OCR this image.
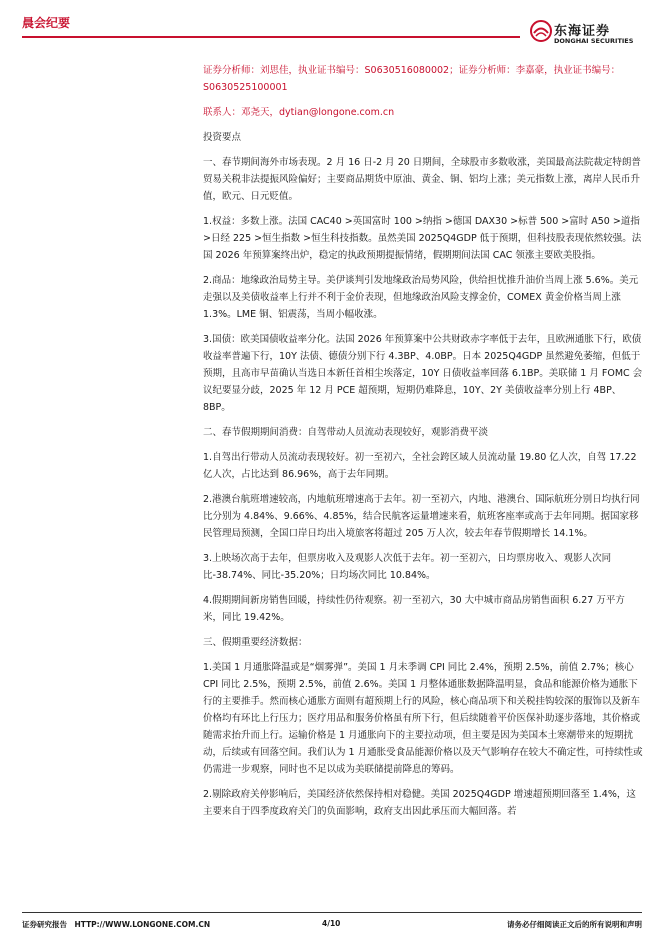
晨会纪要
东海证券
DONGHAI SECURITIES

证券分析师：刘思佳，执业证书编号：S0630516080002；证券分析师：李嘉豪，执业证书编号：S0630525100001

联系人：邓尧天，dytian@longone.com.cn

投资要点

一、春节期间海外市场表现。2 月 16 日-2 月 20 日期间，全球股市多数收涨，美国最高法院裁定特朗普贸易关税非法提振风险偏好；主要商品期货中原油、黄金、铜、铝均上涨；美元指数上涨，离岸人民币升值，欧元、日元贬值。

1.权益：多数上涨。法国 CAC40 >英国富时 100 >纳指 >德国 DAX30 >标普 500 >富时 A50 >道指 >日经 225 >恒生指数 >恒生科技指数。虽然美国 2025Q4GDP 低于预期，但科技股表现依然较强。法国 2026 年预算案终出炉，稳定的执政预期提振情绪，假期期间法国 CAC 领涨主要欧美股指。

2.商品：地缘政治局势主导。美伊谈判引发地缘政治局势风险，供给担忧推升油价当周上涨 5.6%。美元走强以及美债收益率上行并不利于金价表现，但地缘政治风险支撑金价，COMEX 黄金价格当周上涨 1.3%。LME 铜、铝震荡，当周小幅收涨。

3.国债：欧美国债收益率分化。法国 2026 年预算案中公共财政赤字率低于去年，且欧洲通胀下行，欧债收益率普遍下行，10Y 法债、德债分别下行 4.3BP、4.0BP。日本 2025Q4GDP 虽然避免萎缩，但低于预期，且高市早苗确认当选日本新任首相尘埃落定，10Y 日债收益率回落 6.1BP。美联储 1 月 FOMC 会议纪要显分歧，2025 年 12 月 PCE 超预期，短期仍难降息，10Y、2Y 美债收益率分别上行 4BP、8BP。

二、春节假期期间消费：自驾带动人员流动表现较好，观影消费平淡

1.自驾出行带动人员流动表现较好。初一至初六，全社会跨区域人员流动量 19.80 亿人次，自驾 17.22 亿人次，占比达到 86.96%，高于去年同期。

2.港澳台航班增速较高，内地航班增速高于去年。初一至初六，内地、港澳台、国际航班分别日均执行同比分别为 4.84%、9.66%、4.85%，结合民航客运量增速来看，航班客座率或高于去年同期。据国家移民管理局预测，全国口岸日均出入境旅客将超过 205 万人次，较去年春节假期增长 14.1%。

3.上映场次高于去年，但票房收入及观影人次低于去年。初一至初六，日均票房收入、观影人次同比-38.74%、同比-35.20%；日均场次同比 10.84%。

4.假期期间新房销售回暖，持续性仍待观察。初一至初六，30 大中城市商品房销售面积 6.27 万平方米，同比 19.42%。

三、假期重要经济数据：

1.美国 1 月通胀降温或是“烟雾弹”。美国 1 月未季调 CPI 同比 2.4%，预期 2.5%，前值 2.7%；核心 CPI 同比 2.5%，预期 2.5%，前值 2.6%。美国 1 月整体通胀数据降温明显，食品和能源价格为通胀下行的主要推手。然而核心通胀方面则有超预期上行的风险，核心商品项下和关税挂钩较深的服饰以及新车价格均有环比上行压力；医疗用品和服务价格虽有所下行，但后续随着平价医保补助逐步落地，其价格或随需求抬升而上行。运输价格是 1 月通胀向下的主要拉动项，但主要是因为美国本土寒潮带来的短期扰动，后续或有回落空间。我们认为 1 月通胀受食品能源价格以及天气影响存在较大不确定性，可持续性或仍需进一步观察，同时也不足以成为美联储提前降息的筹码。

2.剔除政府关停影响后，美国经济依然保持相对稳健。美国 2025Q4GDP 增速超预期回落至 1.4%，这主要来自于四季度政府关门的负面影响，政府支出因此承压而大幅回落。若

证券研究报告　HTTP://WWW.LONGONE.COM.CN	4/10	请务必仔细阅读正文后的所有说明和声明
